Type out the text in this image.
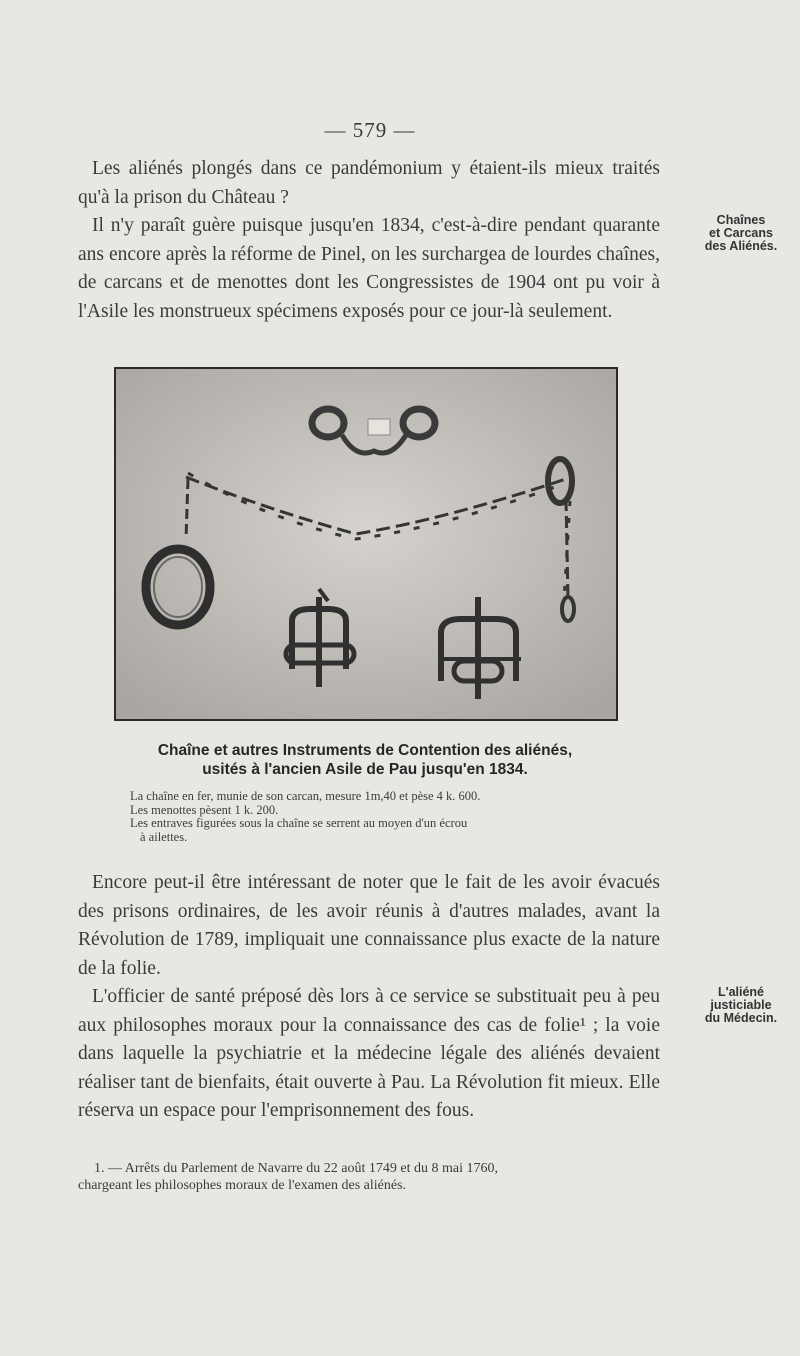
— 579 —

Les aliénés plongés dans ce pandémonium y étaient-ils mieux traités qu'à la prison du Château ?

Il n'y paraît guère puisque jusqu'en 1834, c'est-à-dire pendant quarante ans encore après la réforme de Pinel, on les surchargea de lourdes chaînes, de carcans et de menottes dont les Congressistes de 1904 ont pu voir à l'Asile les monstrueux spécimens exposés pour ce jour-là seulement.

Chaînes
et Carcans
des Aliénés.
Chaîne et autres Instruments de Contention des aliénés,
usités à l'ancien Asile de Pau jusqu'en 1834.
La chaîne en fer, munie de son carcan, mesure 1m,40 et pèse 4 k. 600.
Les menottes pèsent 1 k. 200.
Les entraves figurées sous la chaîne se serrent au moyen d'un écrou
à ailettes.

Encore peut-il être intéressant de noter que le fait de les avoir évacués des prisons ordinaires, de les avoir réunis à d'autres malades, avant la Révolution de 1789, impliquait une connaissance plus exacte de la nature de la folie.

L'officier de santé préposé dès lors à ce service se substituait peu à peu aux philosophes moraux pour la connaissance des cas de folie¹ ; la voie dans laquelle la psychiatrie et la médecine légale des aliénés devaient réaliser tant de bienfaits, était ouverte à Pau. La Révolution fit mieux. Elle réserva un espace pour l'emprisonnement des fous.

L'aliéné
justiciable
du Médecin.
1. — Arrêts du Parlement de Navarre du 22 août 1749 et du 8 mai 1760,
chargeant les philosophes moraux de l'examen des aliénés.
